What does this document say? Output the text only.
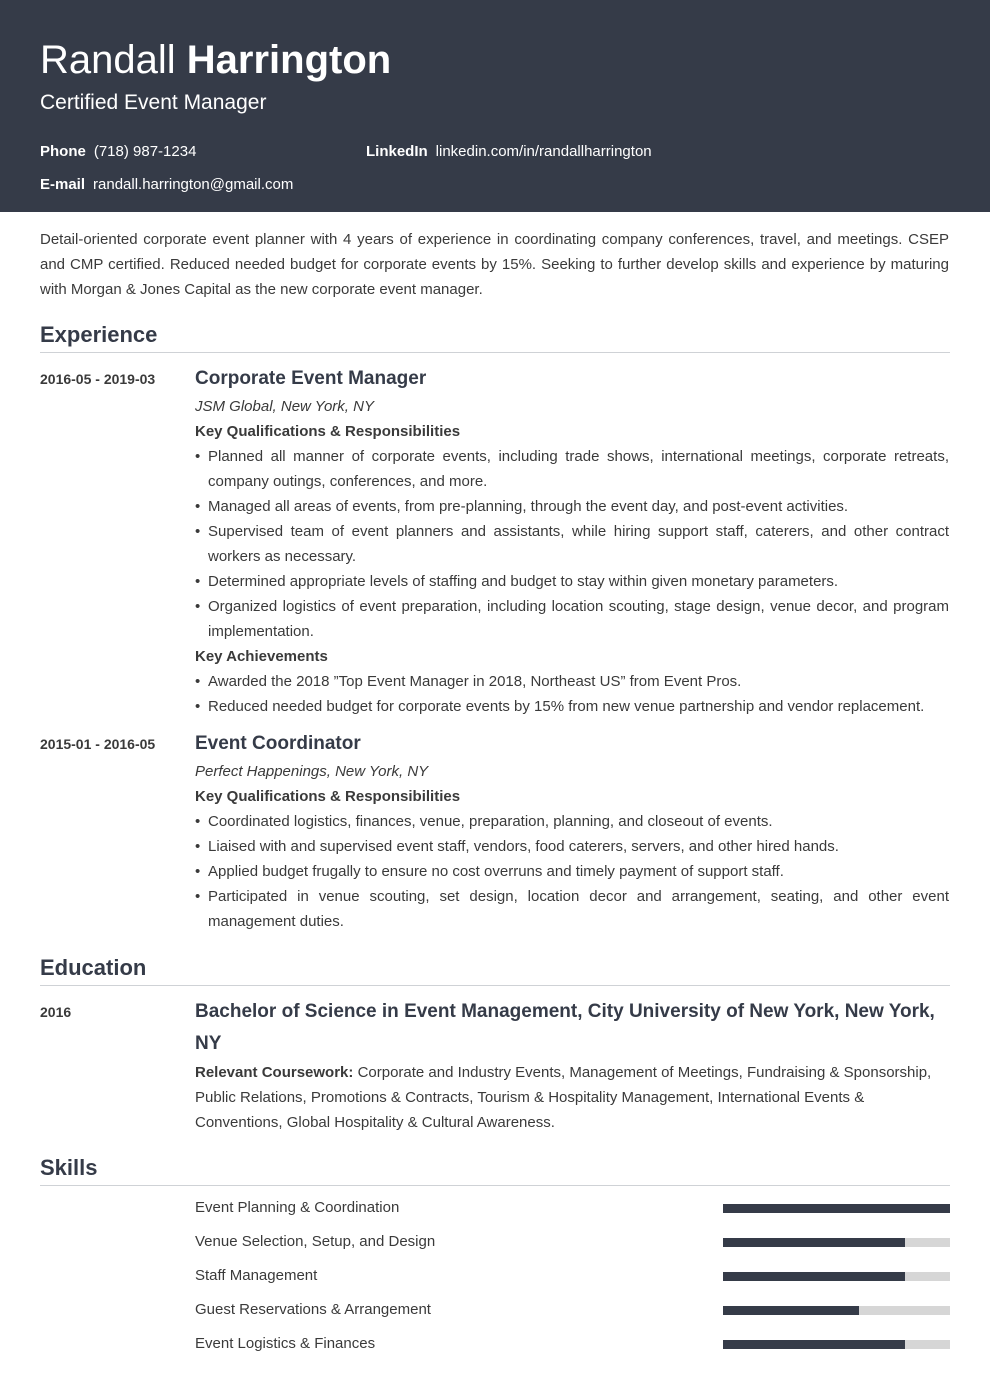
Randall Harrington
Certified Event Manager
Phone (718) 987-1234	LinkedIn linkedin.com/in/randallharrington
E-mail randall.harrington@gmail.com
Detail-oriented corporate event planner with 4 years of experience in coordinating company conferences, travel, and meetings. CSEP and CMP certified. Reduced needed budget for corporate events by 15%. Seeking to further develop skills and experience by maturing with Morgan & Jones Capital as the new corporate event manager.
Experience
2016-05 - 2019-03 Corporate Event Manager
JSM Global, New York, NY
Key Qualifications & Responsibilities
• Planned all manner of corporate events, including trade shows, international meetings, corporate retreats, company outings, conferences, and more.
• Managed all areas of events, from pre-planning, through the event day, and post-event activities.
• Supervised team of event planners and assistants, while hiring support staff, caterers, and other contract workers as necessary.
• Determined appropriate levels of staffing and budget to stay within given monetary parameters.
• Organized logistics of event preparation, including location scouting, stage design, venue decor, and program implementation.
Key Achievements
• Awarded the 2018 ”Top Event Manager in 2018, Northeast US” from Event Pros.
• Reduced needed budget for corporate events by 15% from new venue partnership and vendor replacement.
2015-01 - 2016-05 Event Coordinator
Perfect Happenings, New York, NY
Key Qualifications & Responsibilities
• Coordinated logistics, finances, venue, preparation, planning, and closeout of events.
• Liaised with and supervised event staff, vendors, food caterers, servers, and other hired hands.
• Applied budget frugally to ensure no cost overruns and timely payment of support staff.
• Participated in venue scouting, set design, location decor and arrangement, seating, and other event management duties.
Education
2016	Bachelor of Science in Event Management, City University of New York, New York, NY
Relevant Coursework: Corporate and Industry Events, Management of Meetings, Fundraising & Sponsorship, Public Relations, Promotions & Contracts, Tourism & Hospitality Management, International Events & Conventions, Global Hospitality & Cultural Awareness.
Skills
Event Planning & Coordination
Venue Selection, Setup, and Design
Staff Management
Guest Reservations & Arrangement
Event Logistics & Finances
